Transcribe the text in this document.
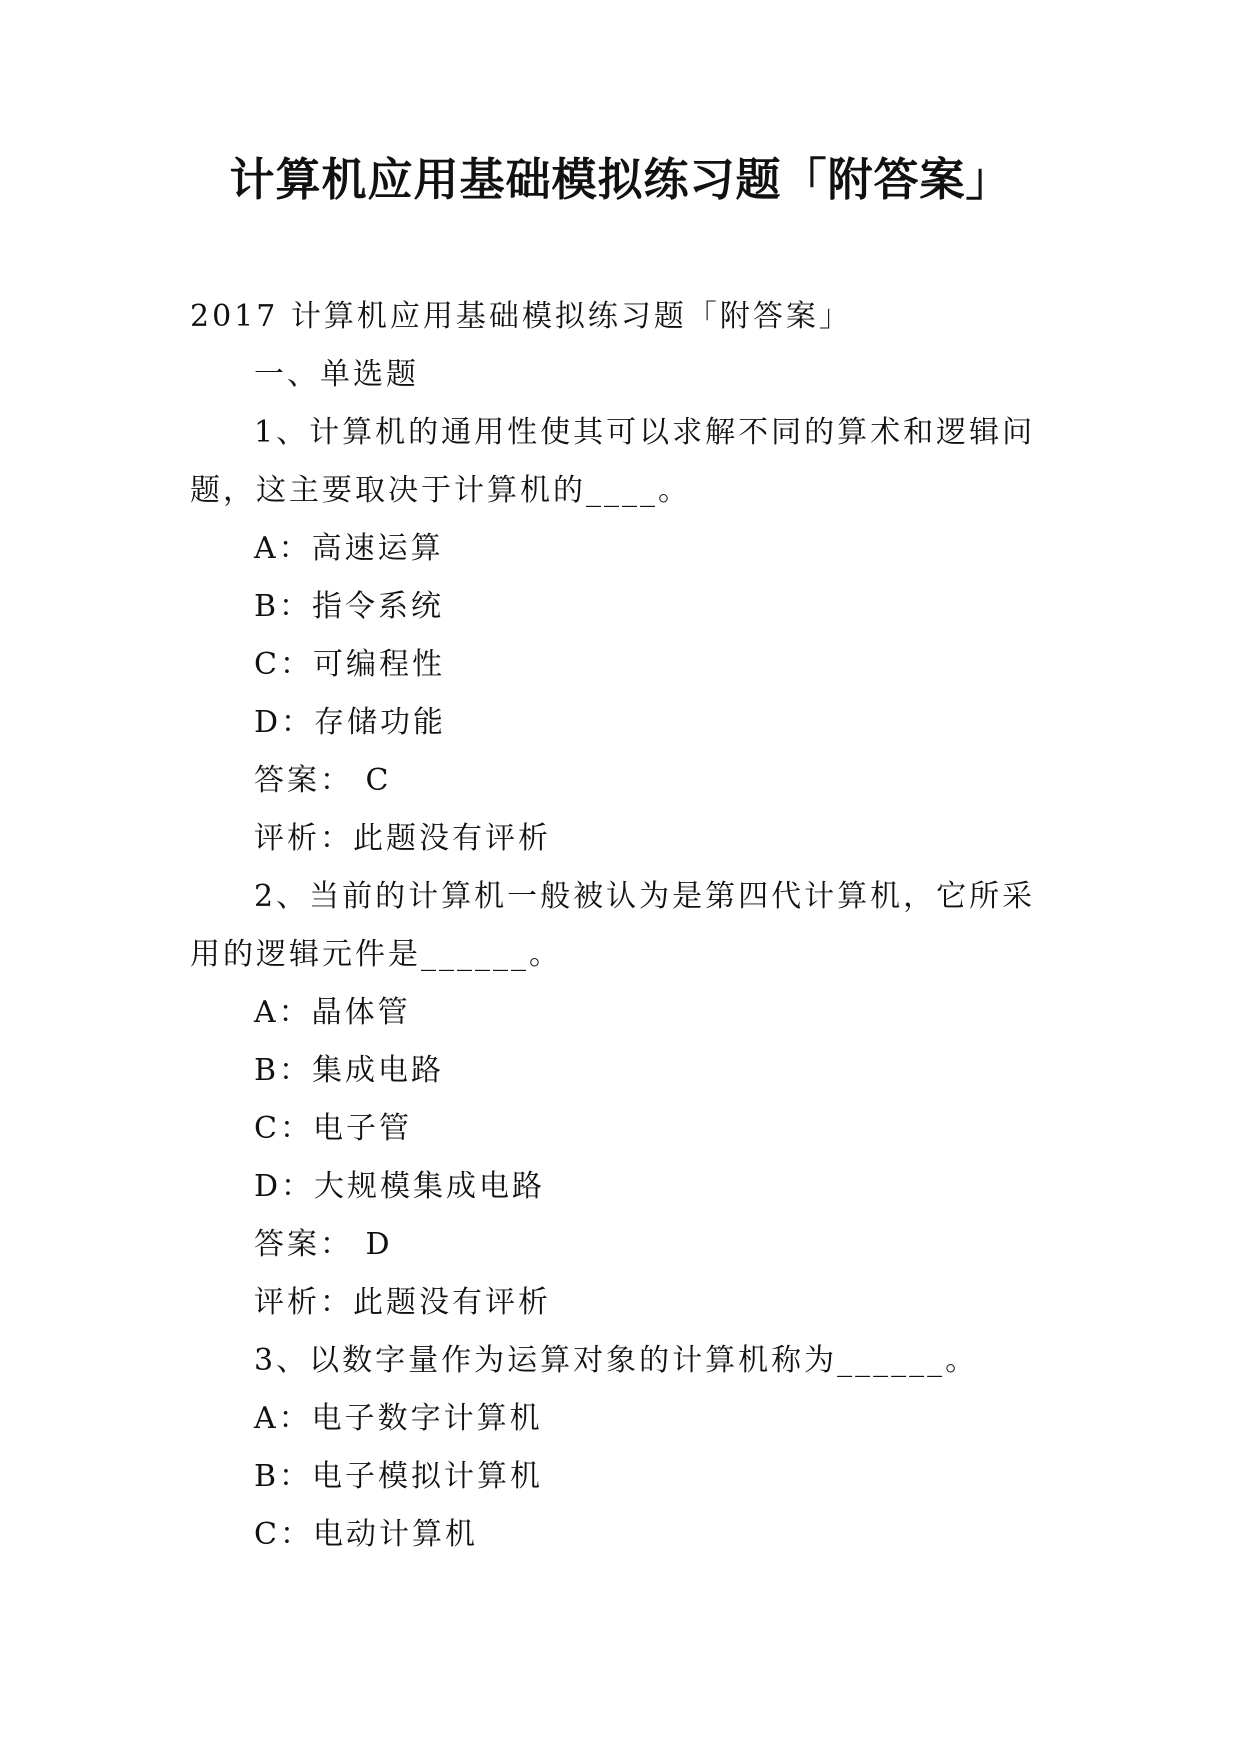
计算机应用基础模拟练习题「附答案」

2017 计算机应用基础模拟练习题「附答案」

一、单选题

1、计算机的通用性使其可以求解不同的算术和逻辑问题，这主要取决于计算机的____。

A：高速运算

B：指令系统

C：可编程性

D：存储功能

答案： C

评析：此题没有评析

2、当前的计算机一般被认为是第四代计算机，它所采用的逻辑元件是______。

A：晶体管

B：集成电路

C：电子管

D：大规模集成电路

答案： D

评析：此题没有评析

3、以数字量作为运算对象的计算机称为______。

A：电子数字计算机

B：电子模拟计算机

C：电动计算机
